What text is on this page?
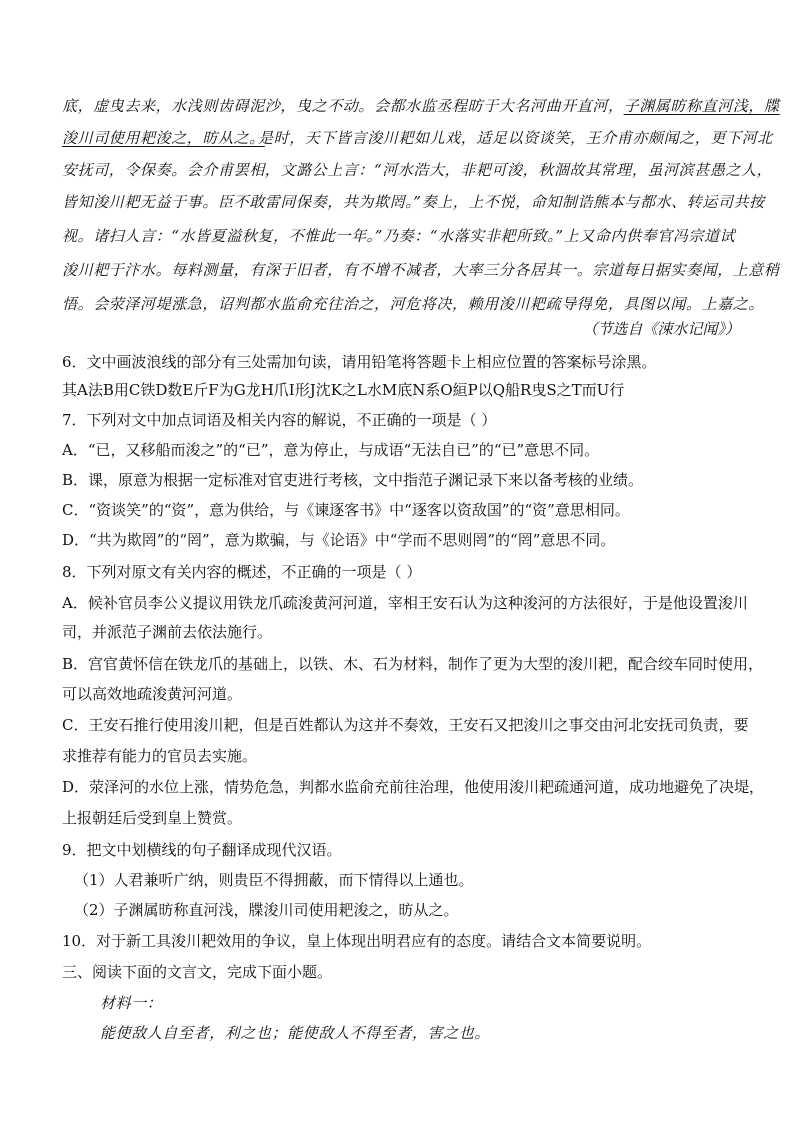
底，虚曳去来，水浅则齿碍泥沙，曳之不动。会都水监丞程昉于大名河曲开直河，子渊属昉称直河浅，牒
浚川司使用耙浚之，昉从之。
是时，天下皆言浚川耙如儿戏，适足以资谈笑，王介甫亦颇闻之，更下河北
安抚司，令保奏。会介甫罢相，文潞公上言：“河水浩大，非耙可浚，秋涸故其常理，虽河滨甚愚之人，
皆知浚川耙无益于事。臣不敢雷同保奏，共为欺罔。”奏上，上不悦，命知制诰熊本与都水、转运司共按
视。诸扫人言：“水皆夏溢秋复，不惟此一年。”乃奏：“水落实非耙所致。”上又命内供奉官冯宗道试
浚川耙于汴水。每料测量，有深于旧者，有不增不减者，大率三分各居其一。宗道每日据实奏闻，上意稍
悟。会荥泽河堤涨急，诏判都水监俞充往治之，河危将决，赖用浚川耙疏导得免，具图以闻。上嘉之。
（节选自《涑水记闻》）
6．文中画波浪线的部分有三处需加句读，请用铅笔将答题卡上相应位置的答案标号涂黑。
其A法B用C铁D数E斤F为G龙H爪I形J沈K之L水M底N系O絙P以Q船R曳S之T而U行
7．下列对文中加点词语及相关内容的解说，不正确的一项是（ ）
A．“已，又移船而浚之”的“已”，意为停止，与成语“无法自已”的“已”意思不同。
B．课，原意为根据一定标准对官吏进行考核，文中指范子渊记录下来以备考核的业绩。
C．“资谈笑”的“资”，意为供给，与《谏逐客书》中“逐客以资敌国”的“资”意思相同。
D．“共为欺罔”的“罔”，意为欺骗，与《论语》中“学而不思则罔”的“罔”意思不同。
8．下列对原文有关内容的概述，不正确的一项是（ ）
A．候补官员李公义提议用铁龙爪疏浚黄河河道，宰相王安石认为这种浚河的方法很好，于是他设置浚川
司，并派范子渊前去依法施行。
B．宫官黄怀信在铁龙爪的基础上，以铁、木、石为材料，制作了更为大型的浚川耙，配合绞车同时使用，
可以高效地疏浚黄河河道。
C．王安石推行使用浚川耙，但是百姓都认为这并不奏效，王安石又把浚川之事交由河北安抚司负责，要
求推荐有能力的官员去实施。
D．荥泽河的水位上涨，情势危急，判都水监俞充前往治理，他使用浚川耙疏通河道，成功地避免了决堤，
上报朝廷后受到皇上赞赏。
9．把文中划横线的句子翻译成现代汉语。
（1）人君兼听广纳，则贵臣不得拥蔽，而下情得以上通也。
（2）子渊属昉称直河浅，牒浚川司使用耙浚之，昉从之。
10．对于新工具浚川耙效用的争议，皇上体现出明君应有的态度。请结合文本简要说明。
三、阅读下面的文言文，完成下面小题。
材料一：
能使敌人自至者，利之也；能使敌人不得至者，害之也。
